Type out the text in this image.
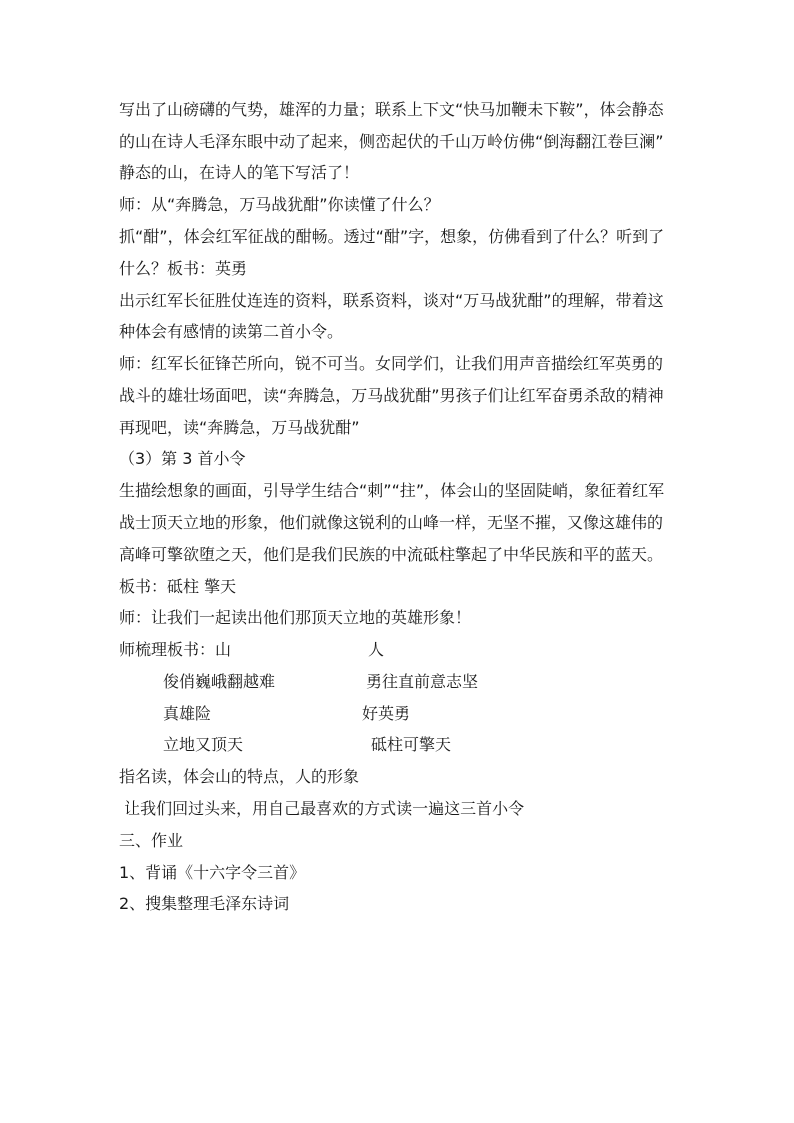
写出了山磅礴的气势，雄浑的力量；联系上下文“快马加鞭未下鞍”，体会静态
的山在诗人毛泽东眼中动了起来，侧峦起伏的千山万岭仿佛“倒海翻江卷巨澜”
静态的山，在诗人的笔下写活了！
师：从“奔腾急，万马战犹酣”你读懂了什么？
抓“酣”，体会红军征战的酣畅。透过“酣”字，想象，仿佛看到了什么？听到了
什么？板书：英勇
出示红军长征胜仗连连的资料，联系资料，谈对“万马战犹酣”的理解，带着这
种体会有感情的读第二首小令。
师：红军长征锋芒所向，锐不可当。女同学们，让我们用声音描绘红军英勇的
战斗的雄壮场面吧，读“奔腾急，万马战犹酣”男孩子们让红军奋勇杀敌的精神
再现吧，读“奔腾急，万马战犹酣”
（3）第 3 首小令
生描绘想象的画面，引导学生结合“刺”“拄”，体会山的坚固陡峭，象征着红军
战士顶天立地的形象，他们就像这锐利的山峰一样，无坚不摧，又像这雄伟的
高峰可擎欲堕之天，他们是我们民族的中流砥柱擎起了中华民族和平的蓝天。
板书：砥柱 擎天
师：让我们一起读出他们那顶天立地的英雄形象！
师梳理板书：山	人
俊俏巍峨翻越难	勇往直前意志坚
真雄险	好英勇
立地又顶天	砥柱可擎天
指名读，体会山的特点，人的形象
让我们回过头来，用自己最喜欢的方式读一遍这三首小令
三、作业
1、背诵《十六字令三首》
2、搜集整理毛泽东诗词
